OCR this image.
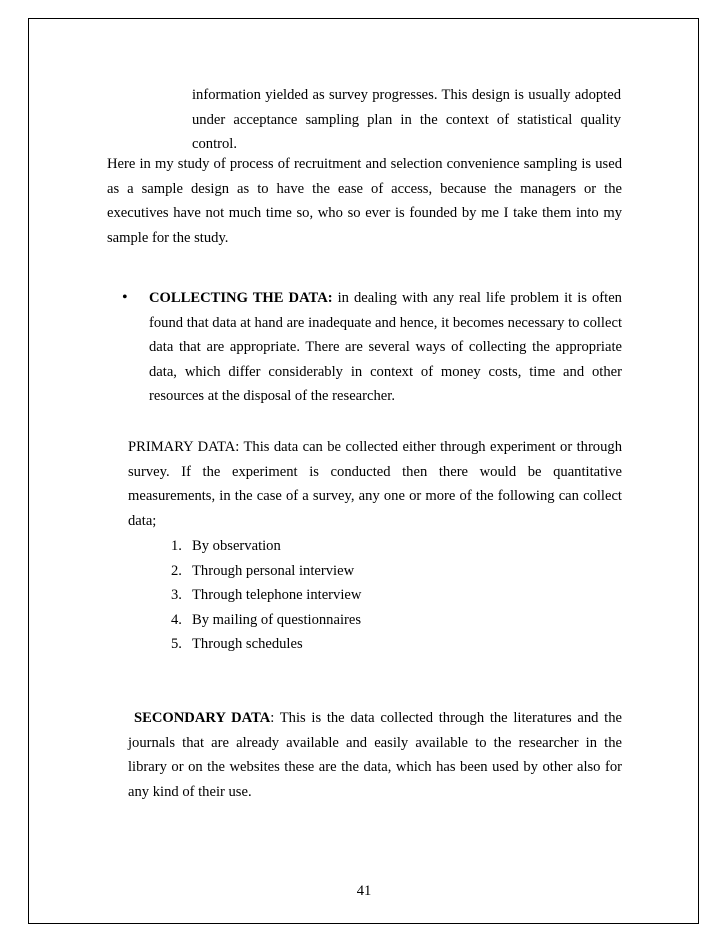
information yielded as survey progresses. This design is usually adopted under acceptance sampling plan in the context of statistical quality control.
Here in my study of process of recruitment and selection convenience sampling is used as a sample design as to have the ease of access, because the managers or the executives have not much time so, who so ever is founded by me I take them into my sample for the study.
• COLLECTING THE DATA: in dealing with any real life problem it is often found that data at hand are inadequate and hence, it becomes necessary to collect data that are appropriate. There are several ways of collecting the appropriate data, which differ considerably in context of money costs, time and other resources at the disposal of the researcher.
PRIMARY DATA: This data can be collected either through experiment or through survey. If the experiment is conducted then there would be quantitative measurements, in the case of a survey, any one or more of the following can collect data;
1. By observation
2. Through personal interview
3. Through telephone interview
4. By mailing of questionnaires
5. Through schedules
SECONDARY DATA: This is the data collected through the literatures and the journals that are already available and easily available to the researcher in the library or on the websites these are the data, which has been used by other also for any kind of their use.
41
